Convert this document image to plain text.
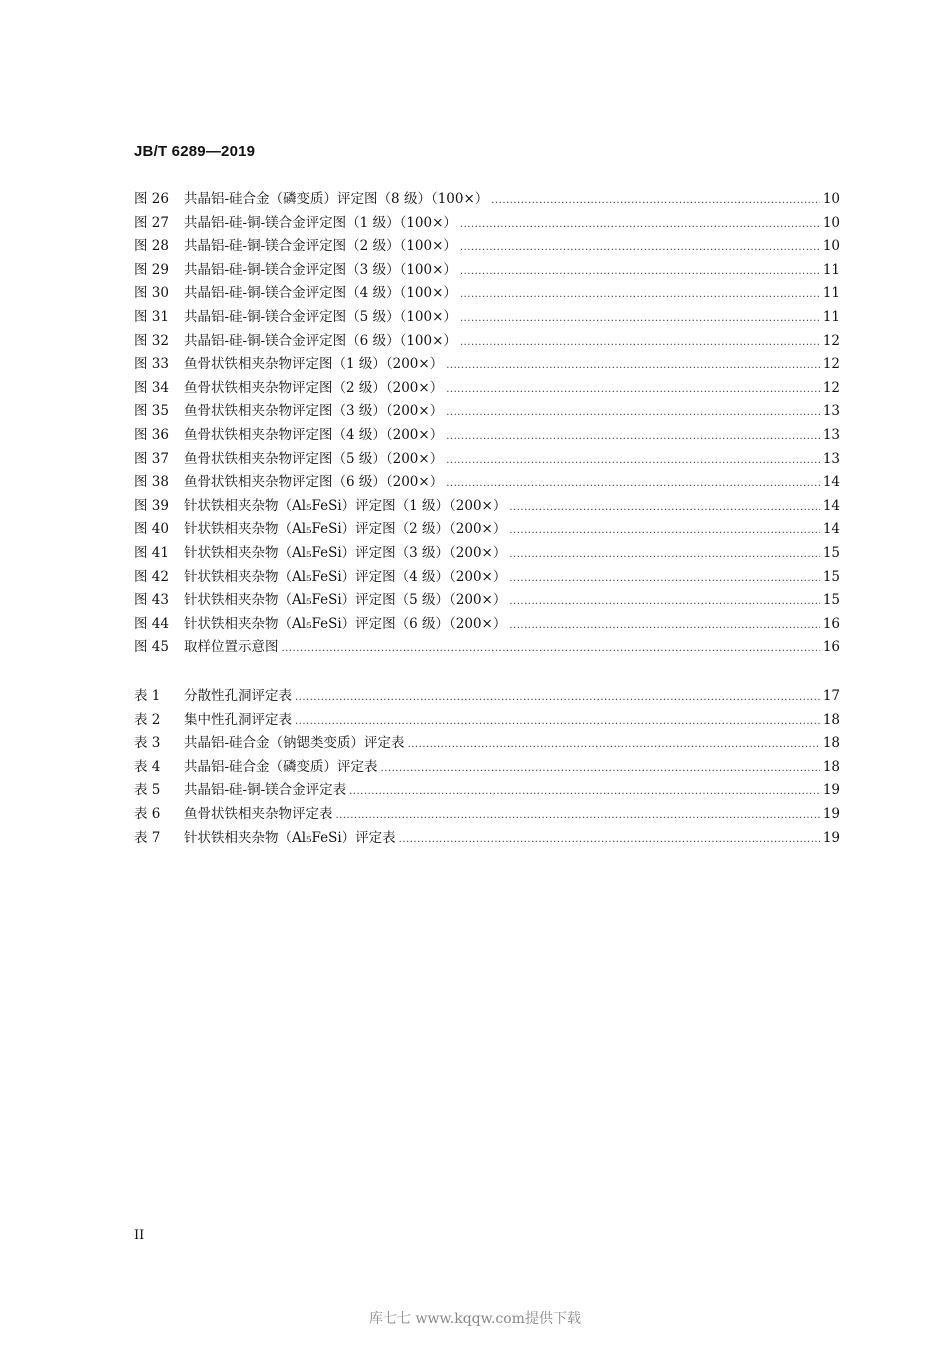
JB/T 6289—2019
图 26	共晶铝-硅合金（磷变质）评定图（8 级）（100×） .....	10
图 27	共晶铝-硅-铜-镁合金评定图（1 级）（100×） .....	10
图 28	共晶铝-硅-铜-镁合金评定图（2 级）（100×） .....	10
图 29	共晶铝-硅-铜-镁合金评定图（3 级）（100×） .....	11
图 30	共晶铝-硅-铜-镁合金评定图（4 级）（100×） .....	11
图 31	共晶铝-硅-铜-镁合金评定图（5 级）（100×） .....	11
图 32	共晶铝-硅-铜-镁合金评定图（6 级）（100×） .....	12
图 33	鱼骨状铁相夹杂物评定图（1 级）（200×） .....	12
图 34	鱼骨状铁相夹杂物评定图（2 级）（200×） .....	12
图 35	鱼骨状铁相夹杂物评定图（3 级）（200×） .....	13
图 36	鱼骨状铁相夹杂物评定图（4 级）（200×） .....	13
图 37	鱼骨状铁相夹杂物评定图（5 级）（200×） .....	13
图 38	鱼骨状铁相夹杂物评定图（6 级）（200×） .....	14
图 39	针状铁相夹杂物（Al₅FeSi）评定图（1 级）（200×） .....	14
图 40	针状铁相夹杂物（Al₅FeSi）评定图（2 级）（200×） .....	14
图 41	针状铁相夹杂物（Al₅FeSi）评定图（3 级）（200×） .....	15
图 42	针状铁相夹杂物（Al₅FeSi）评定图（4 级）（200×） .....	15
图 43	针状铁相夹杂物（Al₅FeSi）评定图（5 级）（200×） .....	15
图 44	针状铁相夹杂物（Al₅FeSi）评定图（6 级）（200×） .....	16
图 45	取样位置示意图 .....	16
表 1	分散性孔洞评定表 .....	17
表 2	集中性孔洞评定表 .....	18
表 3	共晶铝-硅合金（钠锶类变质）评定表 .....	18
表 4	共晶铝-硅合金（磷变质）评定表 .....	18
表 5	共晶铝-硅-铜-镁合金评定表 .....	19
表 6	鱼骨状铁相夹杂物评定表 .....	19
表 7	针状铁相夹杂物（Al₅FeSi）评定表 .....	19
II
库七七 www.kqqw.com提供下载
